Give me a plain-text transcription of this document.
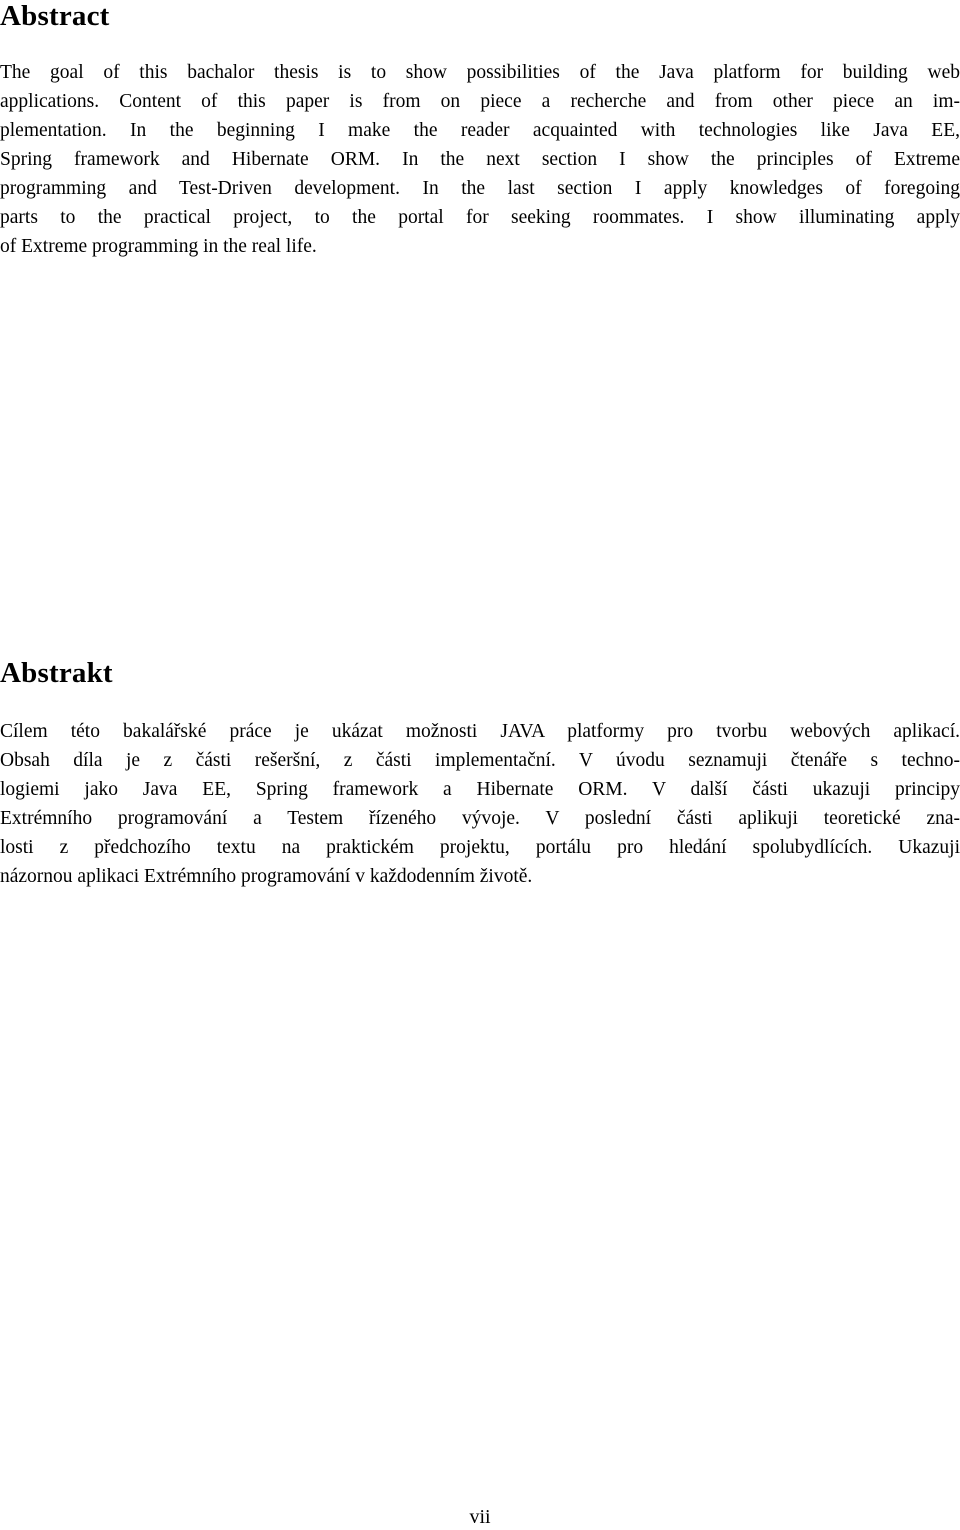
Abstract
The goal of this bachalor thesis is to show possibilities of the Java platform for building web
applications. Content of this paper is from on piece a recherche and from other piece an im-
plementation. In the beginning I make the reader acquainted with technologies like Java EE,
Spring framework and Hibernate ORM. In the next section I show the principles of Extreme
programming and Test-Driven development. In the last section I apply knowledges of foregoing
parts to the practical project, to the portal for seeking roommates. I show illuminating apply
of Extreme programming in the real life.
Abstrakt
Cílem této bakalářské práce je ukázat možnosti JAVA platformy pro tvorbu webových aplikací.
Obsah díla je z části rešeršní, z části implementační. V úvodu seznamuji čtenáře s techno-
logiemi jako Java EE, Spring framework a Hibernate ORM. V další části ukazuji principy
Extrémního programování a Testem řízeného vývoje. V poslední části aplikuji teoretické zna-
losti z předchozího textu na praktickém projektu, portálu pro hledání spolubydlících. Ukazuji
názornou aplikaci Extrémního programování v každodenním životě.
vii
